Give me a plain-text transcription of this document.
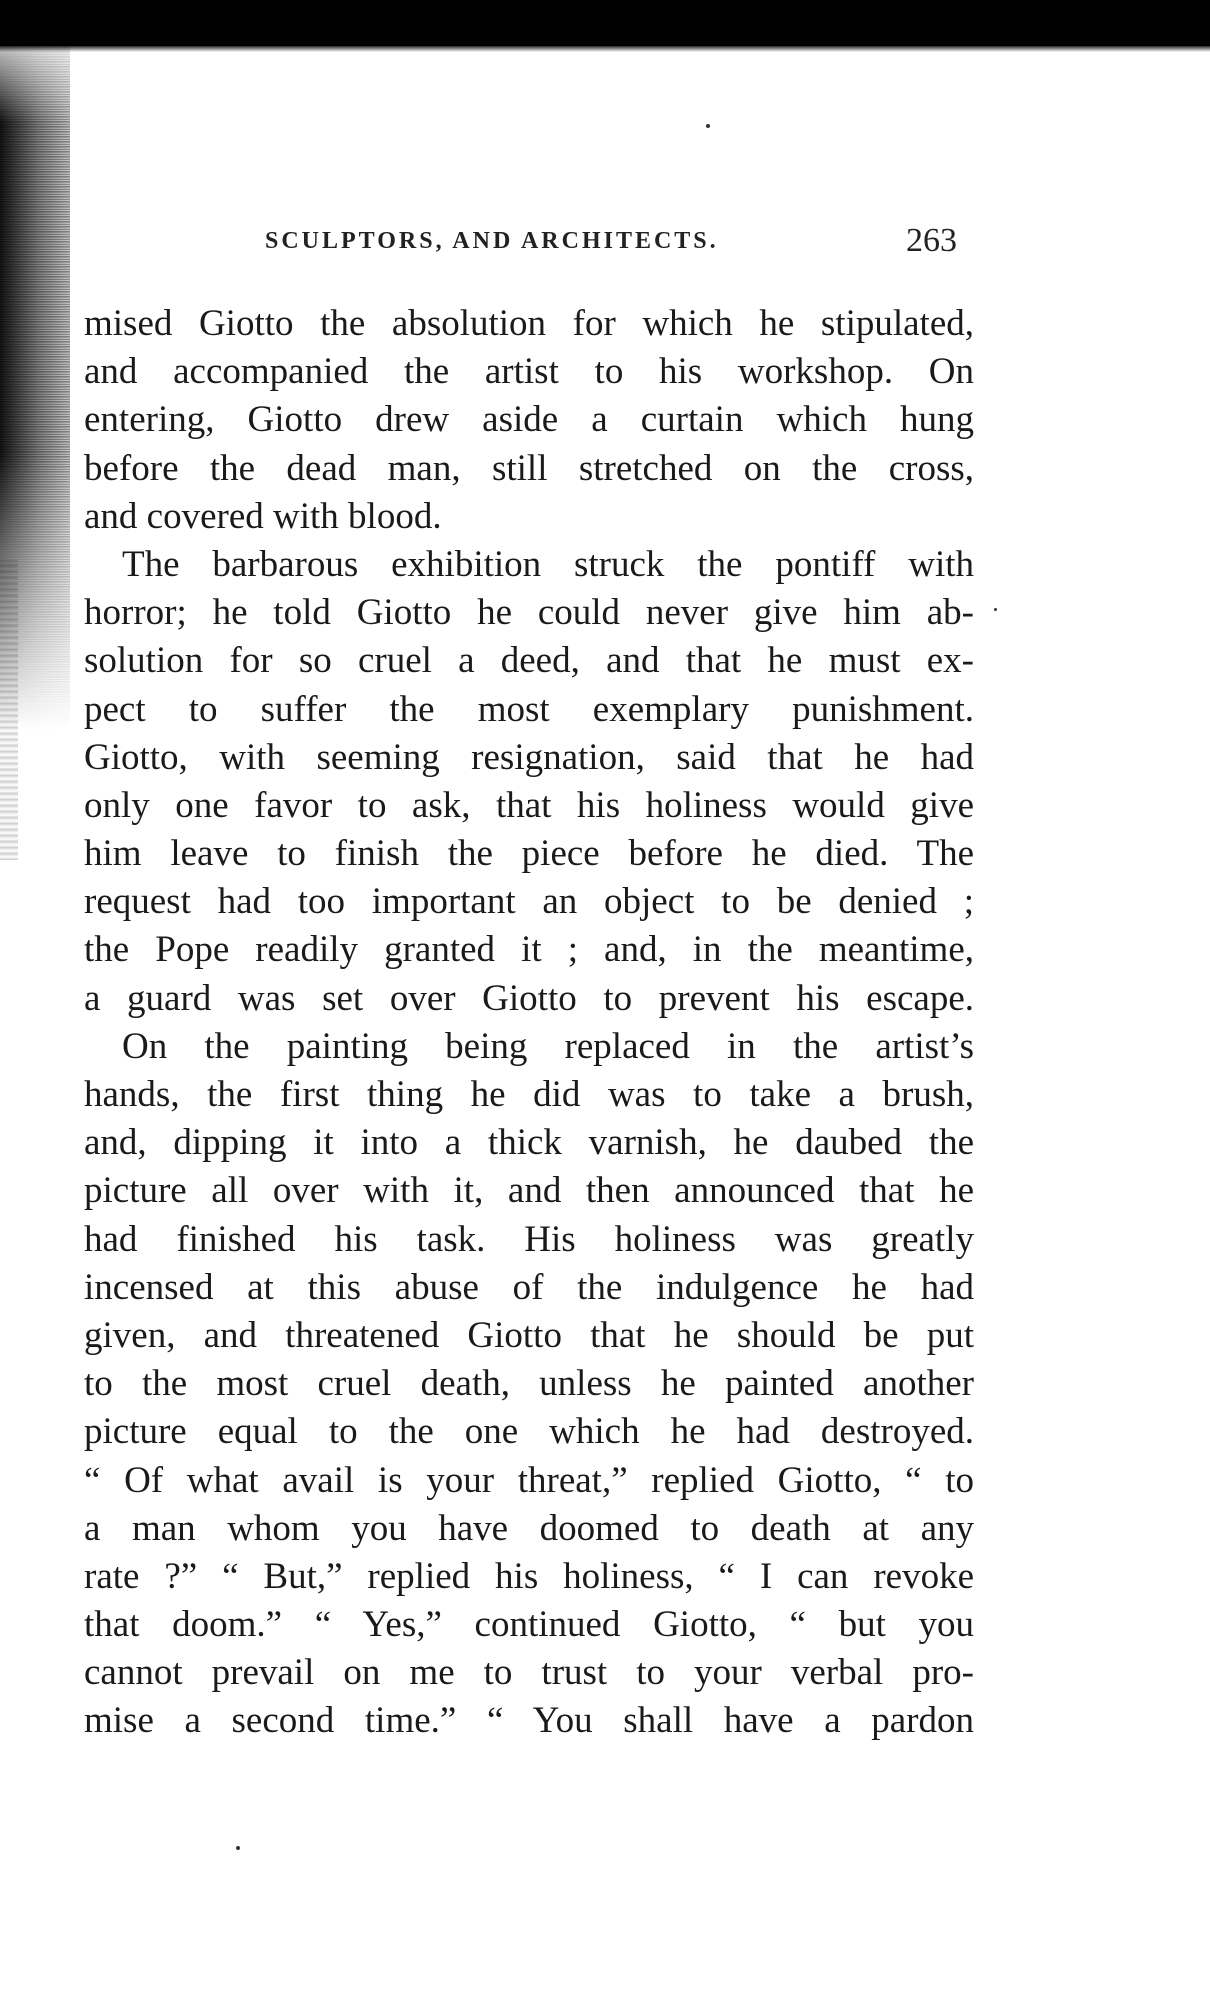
SCULPTORS, AND ARCHITECTS.	263
mised Giotto the absolution for which he stipulated,
and accompanied the artist to his workshop. On
entering, Giotto drew aside a curtain which hung
before the dead man, still stretched on the cross,
and covered with blood.
The barbarous exhibition struck the pontiff with
horror; he told Giotto he could never give him ab-
solution for so cruel a deed, and that he must ex-
pect to suffer the most exemplary punishment.
Giotto, with seeming resignation, said that he had
only one favor to ask, that his holiness would give
him leave to finish the piece before he died. The
request had too important an object to be denied ;
the Pope readily granted it ; and, in the meantime,
a guard was set over Giotto to prevent his escape.
On the painting being replaced in the artist’s
hands, the first thing he did was to take a brush,
and, dipping it into a thick varnish, he daubed the
picture all over with it, and then announced that he
had finished his task. His holiness was greatly
incensed at this abuse of the indulgence he had
given, and threatened Giotto that he should be put
to the most cruel death, unless he painted another
picture equal to the one which he had destroyed.
“ Of what avail is your threat,” replied Giotto, “ to
a man whom you have doomed to death at any
rate ?” “ But,” replied his holiness, “ I can revoke
that doom.” “ Yes,” continued Giotto, “ but you
cannot prevail on me to trust to your verbal pro-
mise a second time.” “ You shall have a pardon
